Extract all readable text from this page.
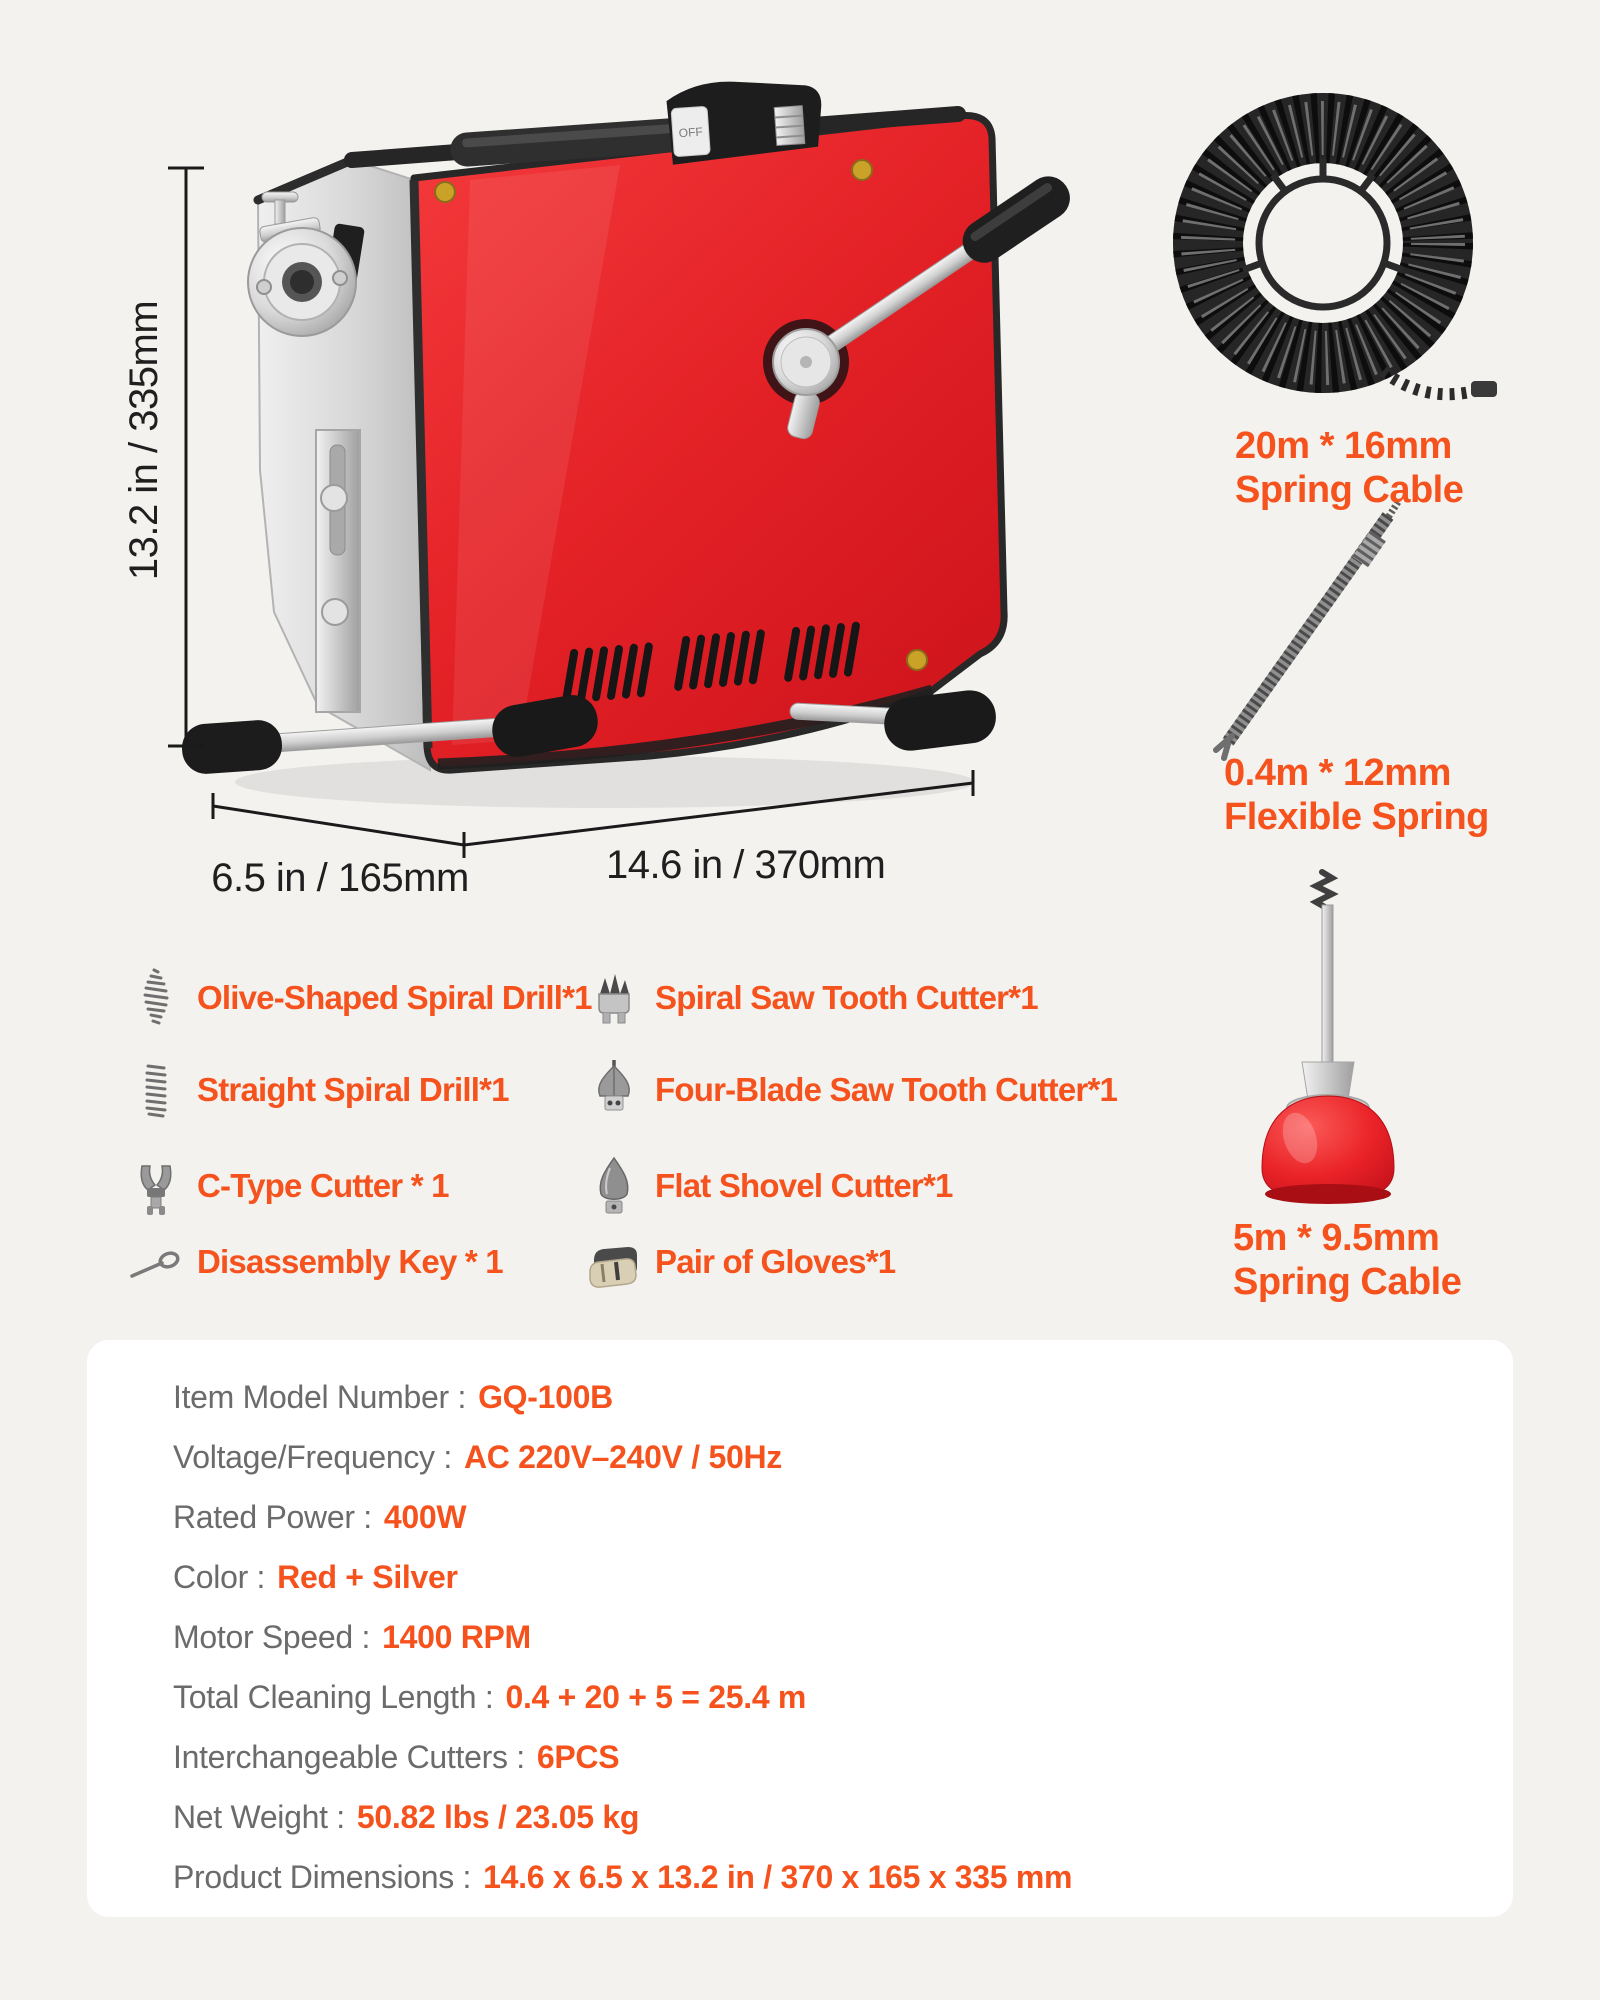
OFF
13.2 in / 335mm
6.5 in / 165mm	14.6 in / 370mm
20m * 16mm
Spring Cable
0.4m * 12mm
Flexible Spring
5m * 9.5mm
Spring Cable
Olive-Shaped Spiral Drill*1
Straight Spiral Drill*1
C-Type Cutter * 1
Disassembly Key * 1
Spiral Saw Tooth Cutter*1
Four-Blade Saw Tooth Cutter*1
Flat Shovel Cutter*1
Pair of Gloves*1
Item Model Number : GQ-100B
Voltage/Frequency : AC 220V–240V / 50Hz
Rated Power : 400W
Color : Red + Silver
Motor Speed : 1400 RPM
Total Cleaning Length : 0.4 + 20 + 5 = 25.4 m
Interchangeable Cutters : 6PCS
Net Weight : 50.82 lbs / 23.05 kg
Product Dimensions : 14.6 x 6.5 x 13.2 in / 370 x 165 x 335 mm
